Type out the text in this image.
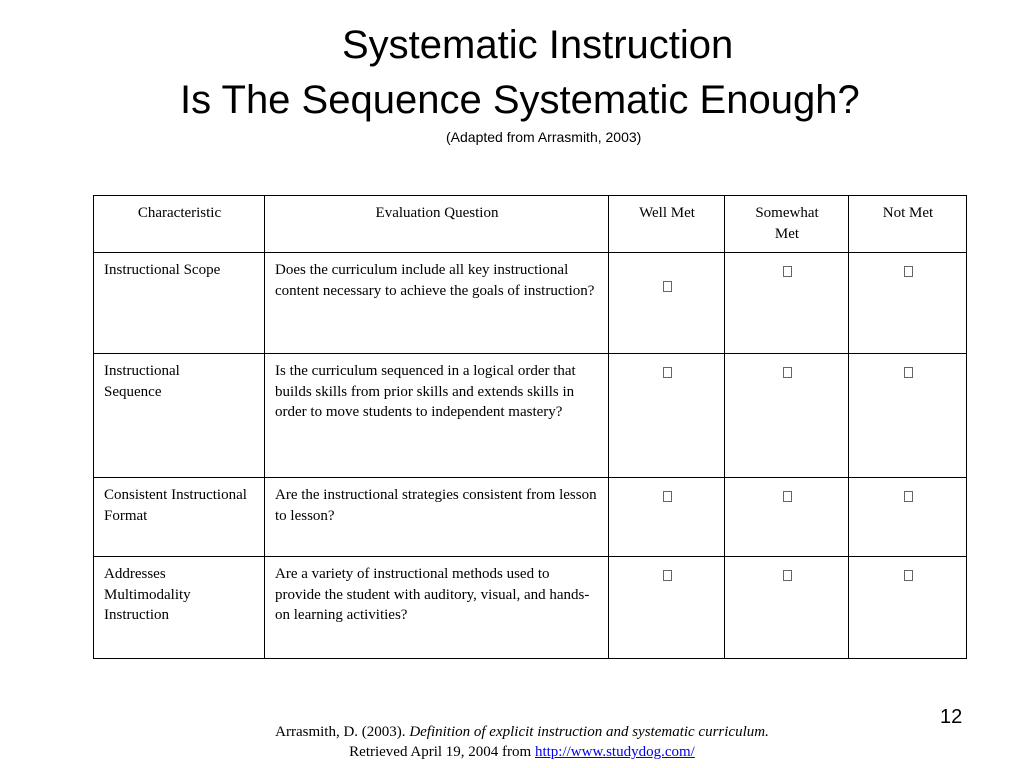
Systematic Instruction
Is The Sequence Systematic Enough?
(Adapted from Arrasmith, 2003)
Characteristic	Evaluation Question	Well Met	Somewhat Met	Not Met
Instructional Scope	Does the curriculum include all key instructional content necessary to achieve the goals of instruction?			
Instructional Sequence	Is the curriculum sequenced in a logical order that builds skills from prior skills and extends skills in order to move students to independent mastery?			
Consistent Instructional Format	Are the instructional strategies consistent from lesson to lesson?			
Addresses Multimodality Instruction	Are a variety of instructional methods used to provide the student with auditory, visual, and hands-on learning activities?			
12
Arrasmith, D. (2003). Definition of explicit instruction and systematic curriculum.
Retrieved April 19, 2004 from http://www.studydog.com/
